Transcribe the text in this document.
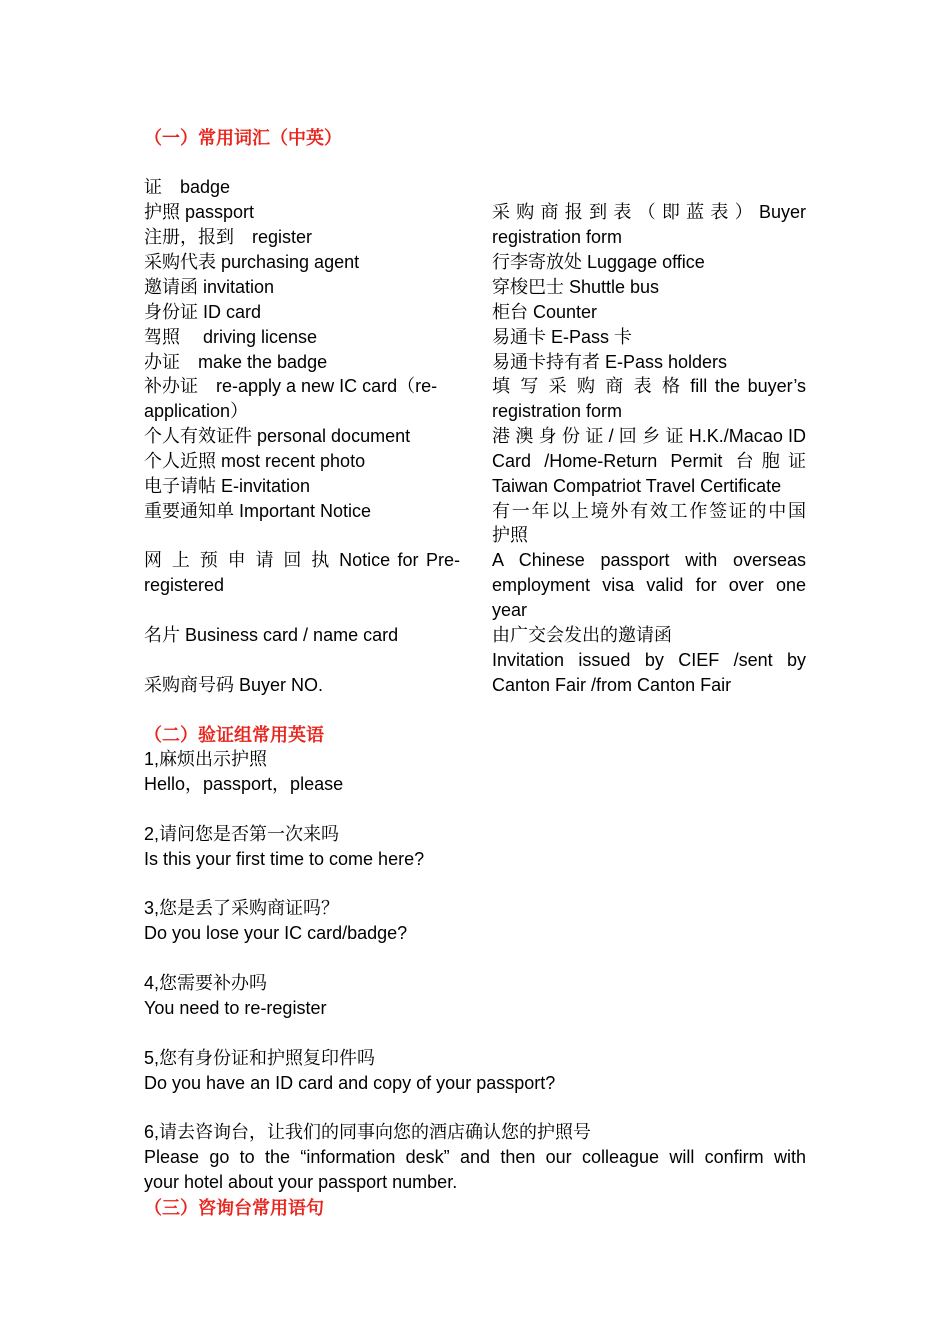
（一）常用词汇（中英）
证　badge
护照 passport
注册，报到　register
采购代表 purchasing agent
邀请函 invitation
身份证 ID card
驾照　 driving license
办证　make the badge
补办证　re-apply a new IC card（re-
application）
个人有效证件 personal document
个人近照 most recent photo
电子请帖 E-invitation
重要通知单 Important Notice
网 上 预 申 请 回 执 Notice for Pre-
registered
名片 Business card / name card
采购商号码 Buyer NO.
采 购 商 报 到 表 （ 即 蓝 表 ） Buyer
registration form
行李寄放处 Luggage office
穿梭巴士 Shuttle bus
柜台 Counter
易通卡 E-Pass 卡
易通卡持有者 E-Pass holders
填 写 采 购 商 表 格 fill the buyer’s
registration form
港 澳 身 份 证 / 回 乡 证 H.K./Macao ID
Card /Home-Return Permit 台胞证
Taiwan Compatriot Travel Certificate
有一年以上境外有效工作签证的中国
护照
A Chinese passport with overseas
employment visa valid for over one
year
由广交会发出的邀请函
Invitation issued by CIEF /sent by
Canton Fair /from Canton Fair
（二）验证组常用英语
1,麻烦出示护照
Hello，passport，please
2,请问您是否第一次来吗
Is this your first time to come here?
3,您是丢了采购商证吗？
Do you lose your IC card/badge?
4,您需要补办吗
You need to re-register
5,您有身份证和护照复印件吗
Do you have an ID card and copy of your passport?
6,请去咨询台，让我们的同事向您的酒店确认您的护照号
Please go to the “information desk” and then our colleague will confirm with
your hotel about your passport number.
（三）咨询台常用语句
